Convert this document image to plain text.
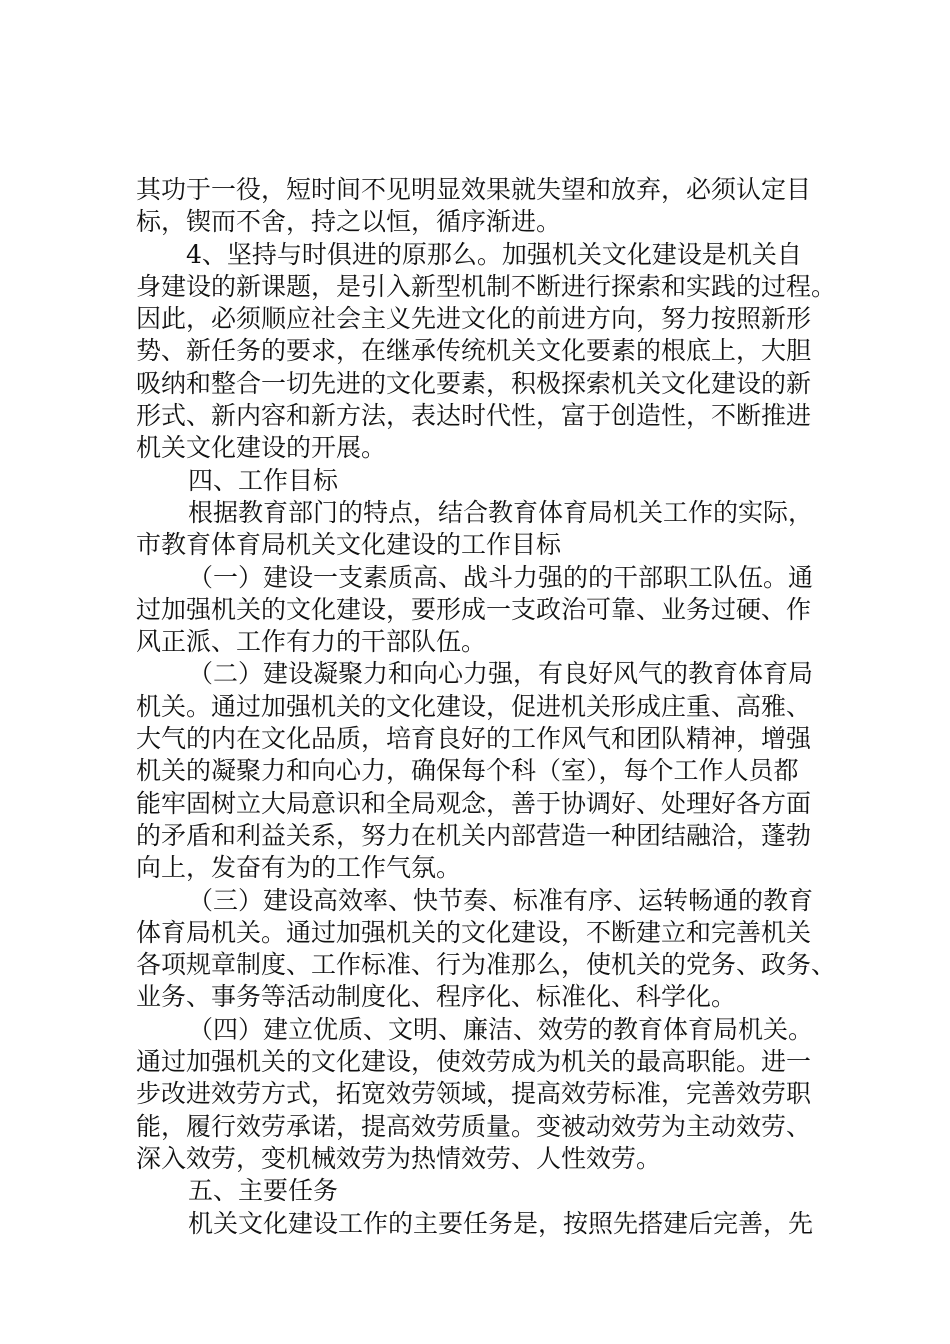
其功于一役，短时间不见明显效果就失望和放弃，必须认定目
标，锲而不舍，持之以恒，循序渐进。
4、坚持与时俱进的原那么。加强机关文化建设是机关自
身建设的新课题，是引入新型机制不断进行探索和实践的过程。
因此，必须顺应社会主义先进文化的前进方向，努力按照新形
势、新任务的要求，在继承传统机关文化要素的根底上，大胆
吸纳和整合一切先进的文化要素，积极探索机关文化建设的新
形式、新内容和新方法，表达时代性，富于创造性，不断推进
机关文化建设的开展。
四、工作目标
根据教育部门的特点，结合教育体育局机关工作的实际，
市教育体育局机关文化建设的工作目标
（一）建设一支素质高、战斗力强的的干部职工队伍。通
过加强机关的文化建设，要形成一支政治可靠、业务过硬、作
风正派、工作有力的干部队伍。
（二）建设凝聚力和向心力强，有良好风气的教育体育局
机关。通过加强机关的文化建设，促进机关形成庄重、高雅、
大气的内在文化品质，培育良好的工作风气和团队精神，增强
机关的凝聚力和向心力，确保每个科（室），每个工作人员都
能牢固树立大局意识和全局观念，善于协调好、处理好各方面
的矛盾和利益关系，努力在机关内部营造一种团结融洽，蓬勃
向上，发奋有为的工作气氛。
（三）建设高效率、快节奏、标准有序、运转畅通的教育
体育局机关。通过加强机关的文化建设，不断建立和完善机关
各项规章制度、工作标准、行为准那么，使机关的党务、政务、
业务、事务等活动制度化、程序化、标准化、科学化。
（四）建立优质、文明、廉洁、效劳的教育体育局机关。
通过加强机关的文化建设，使效劳成为机关的最高职能。进一
步改进效劳方式，拓宽效劳领域，提高效劳标准，完善效劳职
能，履行效劳承诺，提高效劳质量。变被动效劳为主动效劳、
深入效劳，变机械效劳为热情效劳、人性效劳。
五、主要任务
机关文化建设工作的主要任务是，按照先搭建后完善，先
